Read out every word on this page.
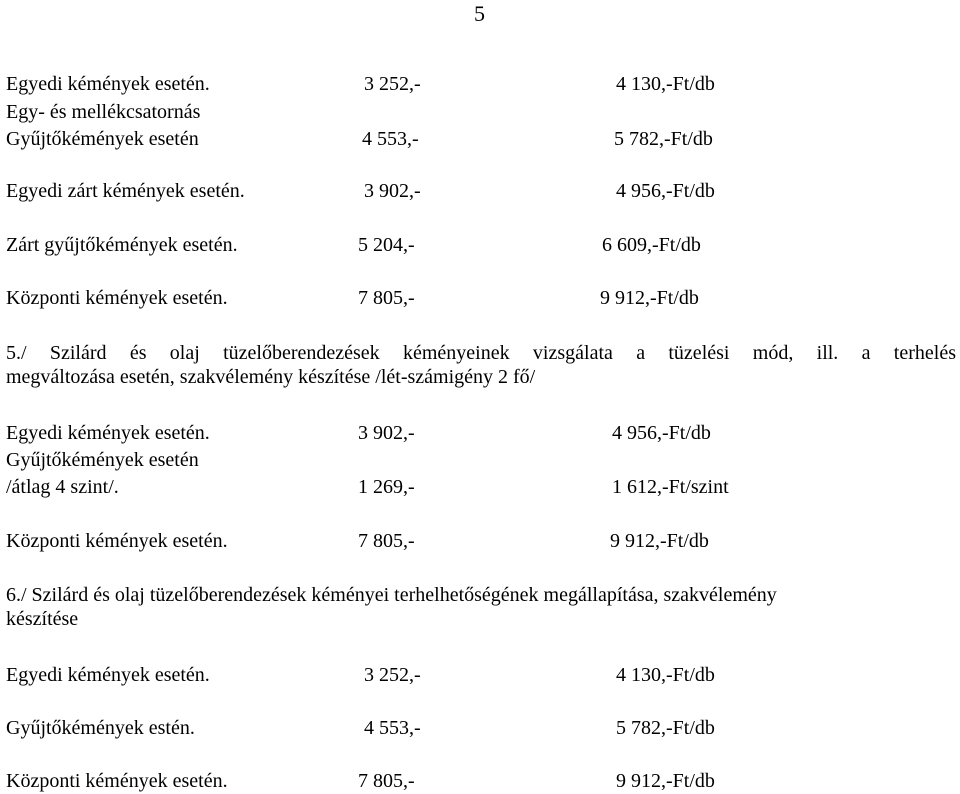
5
Egyedi kémények esetén.	3 252,-	4 130,-Ft/db
Egy- és mellékcsatornás
Gyűjtőkémények esetén	4 553,-	5 782,-Ft/db
Egyedi zárt kémények esetén.	3 902,-	4 956,-Ft/db
Zárt gyűjtőkémények esetén.	5 204,-	6 609,-Ft/db
Központi kémények esetén.	7 805,-	9 912,-Ft/db
5./ Szilárd és olaj tüzelőberendezések kéményeinek vizsgálata a tüzelési mód, ill. a terhelés
megváltozása esetén, szakvélemény készítése /lét-számigény 2 fő/
Egyedi kémények esetén.	3 902,-	4 956,-Ft/db
Gyűjtőkémények esetén
/átlag 4 szint/.	1 269,-	1 612,-Ft/szint
Központi kémények esetén.	7 805,-	9 912,-Ft/db
6./ Szilárd és olaj tüzelőberendezések kéményei terhelhetőségének megállapítása, szakvélemény
készítése
Egyedi kémények esetén.	3 252,-	4 130,-Ft/db
Gyűjtőkémények estén.	4 553,-	5 782,-Ft/db
Központi kémények esetén.	7 805,-	9 912,-Ft/db
